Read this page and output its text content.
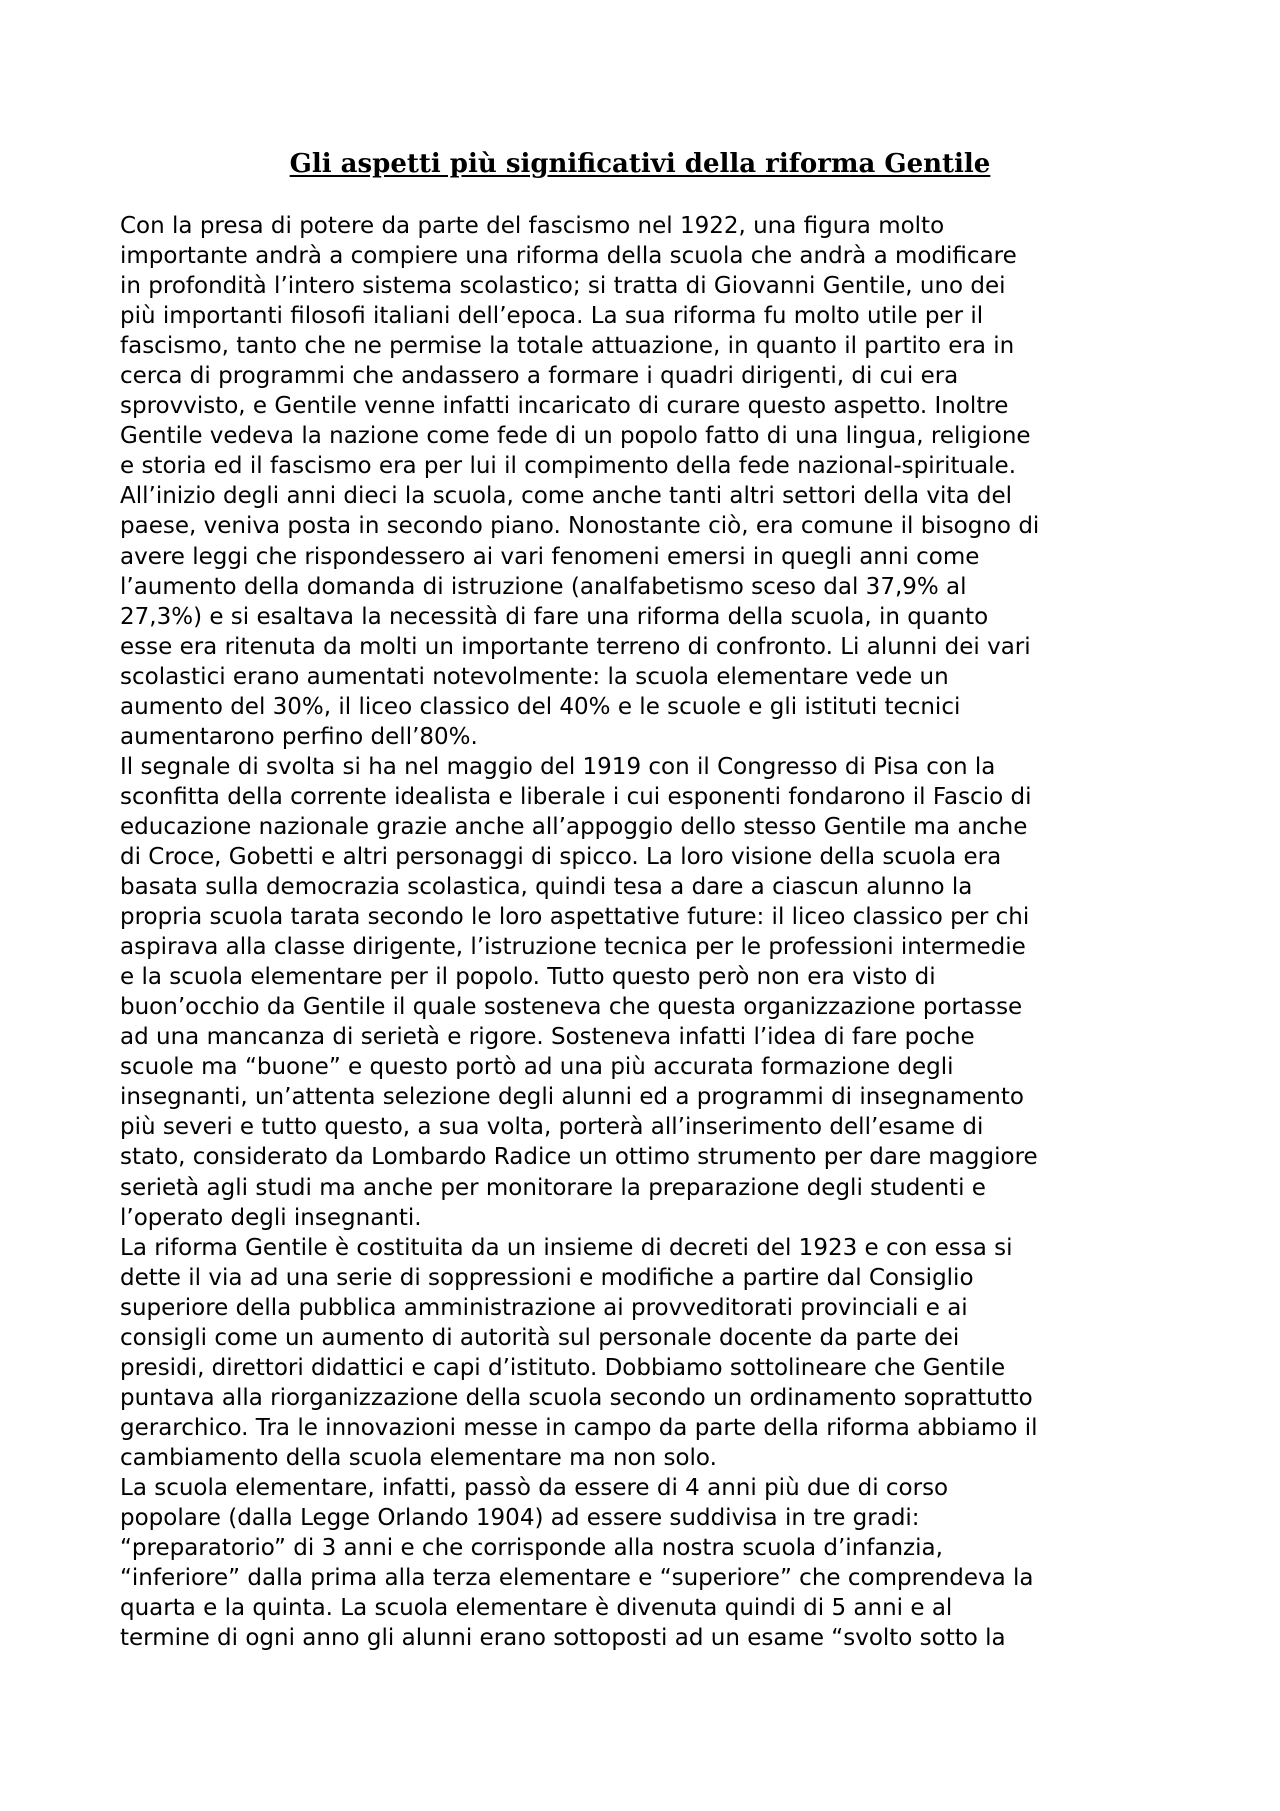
Gli aspetti più significativi della riforma Gentile
Con la presa di potere da parte del fascismo nel 1922, una figura molto
importante andrà a compiere una riforma della scuola che andrà a modificare
in profondità l’intero sistema scolastico; si tratta di Giovanni Gentile, uno dei
più importanti filosofi italiani dell’epoca. La sua riforma fu molto utile per il
fascismo, tanto che ne permise la totale attuazione, in quanto il partito era in
cerca di programmi che andassero a formare i quadri dirigenti, di cui era
sprovvisto, e Gentile venne infatti incaricato di curare questo aspetto. Inoltre
Gentile vedeva la nazione come fede di un popolo fatto di una lingua, religione
e storia ed il fascismo era per lui il compimento della fede nazional-spirituale.
All’inizio degli anni dieci la scuola, come anche tanti altri settori della vita del
paese, veniva posta in secondo piano. Nonostante ciò, era comune il bisogno di
avere leggi che rispondessero ai vari fenomeni emersi in quegli anni come
l’aumento della domanda di istruzione (analfabetismo sceso dal 37,9% al
27,3%) e si esaltava la necessità di fare una riforma della scuola, in quanto
esse era ritenuta da molti un importante terreno di confronto. Li alunni dei vari
scolastici erano aumentati notevolmente: la scuola elementare vede un
aumento del 30%, il liceo classico del 40% e le scuole e gli istituti tecnici
aumentarono perfino dell’80%.
Il segnale di svolta si ha nel maggio del 1919 con il Congresso di Pisa con la
sconfitta della corrente idealista e liberale i cui esponenti fondarono il Fascio di
educazione nazionale grazie anche all’appoggio dello stesso Gentile ma anche
di Croce, Gobetti e altri personaggi di spicco. La loro visione della scuola era
basata sulla democrazia scolastica, quindi tesa a dare a ciascun alunno la
propria scuola tarata secondo le loro aspettative future: il liceo classico per chi
aspirava alla classe dirigente, l’istruzione tecnica per le professioni intermedie
e la scuola elementare per il popolo. Tutto questo però non era visto di
buon’occhio da Gentile il quale sosteneva che questa organizzazione portasse
ad una mancanza di serietà e rigore. Sosteneva infatti l’idea di fare poche
scuole ma “buone” e questo portò ad una più accurata formazione degli
insegnanti, un’attenta selezione degli alunni ed a programmi di insegnamento
più severi e tutto questo, a sua volta, porterà all’inserimento dell’esame di
stato, considerato da Lombardo Radice un ottimo strumento per dare maggiore
serietà agli studi ma anche per monitorare la preparazione degli studenti e
l’operato degli insegnanti.
La riforma Gentile è costituita da un insieme di decreti del 1923 e con essa si
dette il via ad una serie di soppressioni e modifiche a partire dal Consiglio
superiore della pubblica amministrazione ai provveditorati provinciali e ai
consigli come un aumento di autorità sul personale docente da parte dei
presidi, direttori didattici e capi d’istituto. Dobbiamo sottolineare che Gentile
puntava alla riorganizzazione della scuola secondo un ordinamento soprattutto
gerarchico. Tra le innovazioni messe in campo da parte della riforma abbiamo il
cambiamento della scuola elementare ma non solo.
La scuola elementare, infatti, passò da essere di 4 anni più due di corso
popolare (dalla Legge Orlando 1904) ad essere suddivisa in tre gradi:
“preparatorio” di 3 anni e che corrisponde alla nostra scuola d’infanzia,
“inferiore” dalla prima alla terza elementare e “superiore” che comprendeva la
quarta e la quinta. La scuola elementare è divenuta quindi di 5 anni e al
termine di ogni anno gli alunni erano sottoposti ad un esame “svolto sotto la
